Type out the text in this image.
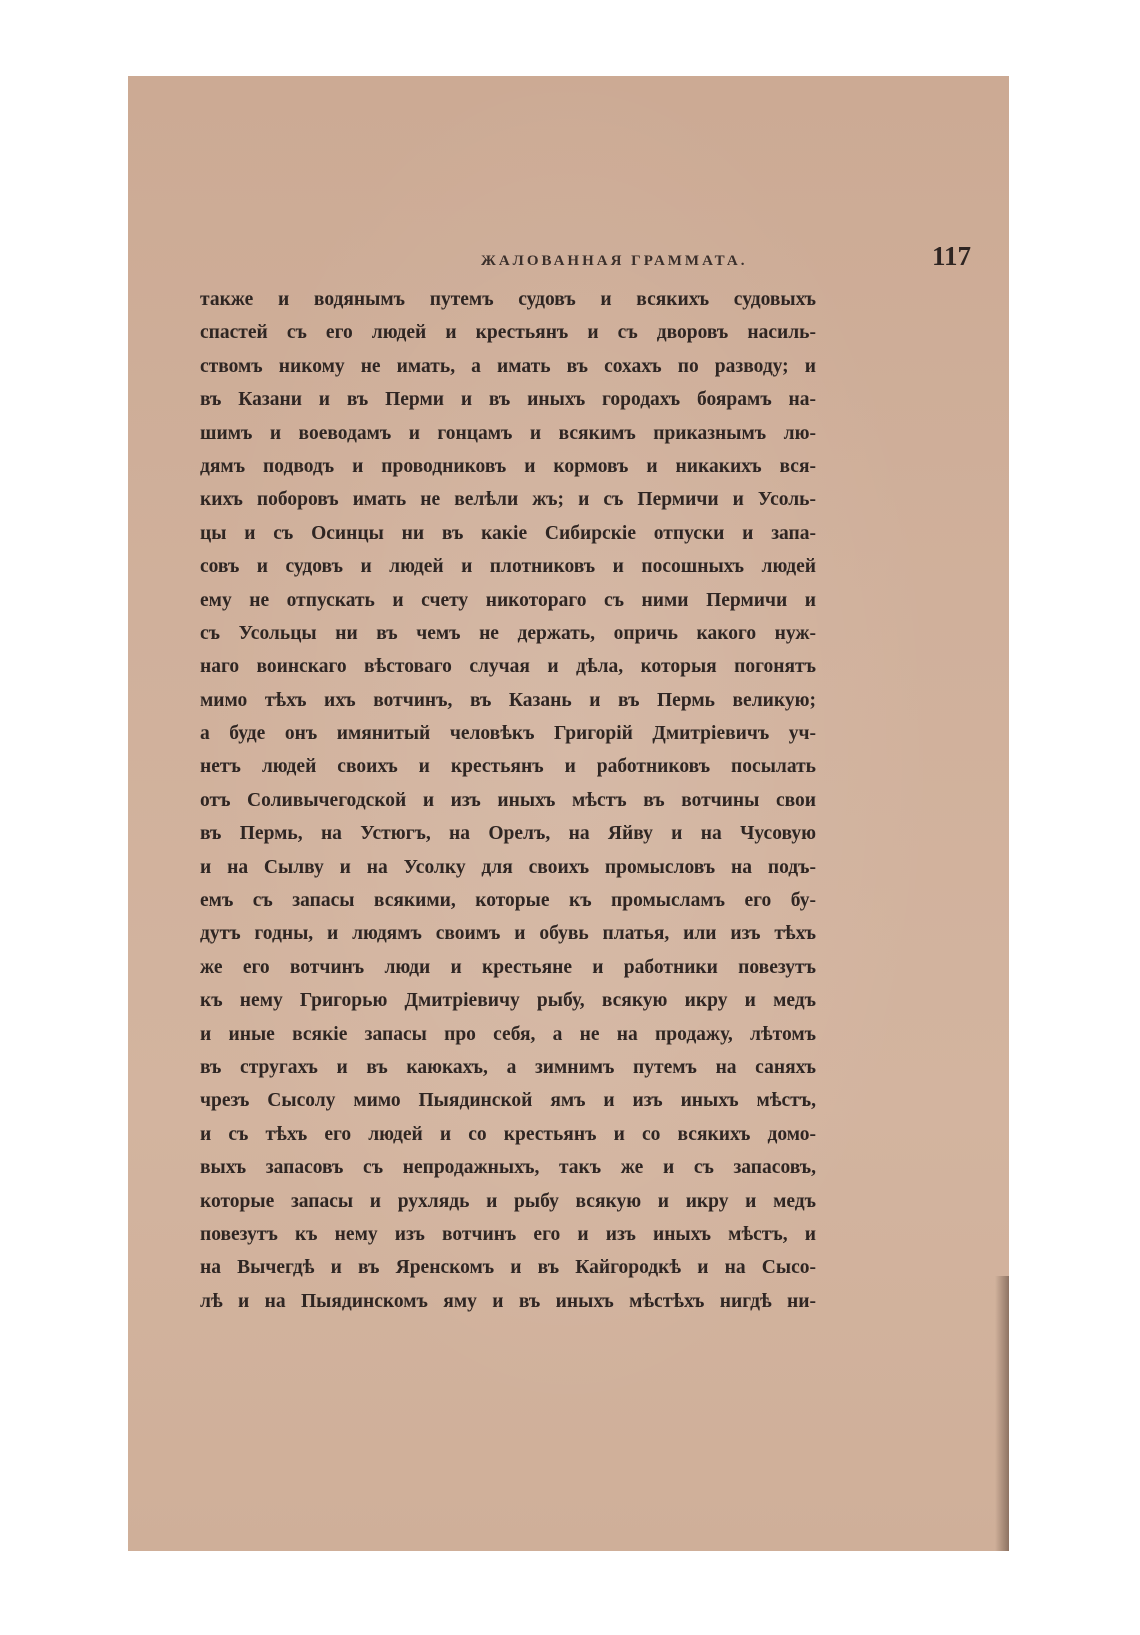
ЖАЛОВАННАЯ ГРАММАТА.	117
также и водянымъ путемъ судовъ и всякихъ судовыхъ
спастей съ его людей и крестьянъ и съ дворовъ насиль-
ствомъ никому не имать, а имать въ сохахъ по разводу; и
въ Казани и въ Перми и въ иныхъ городахъ боярамъ на-
шимъ и воеводамъ и гонцамъ и всякимъ приказнымъ лю-
дямъ подводъ и проводниковъ и кормовъ и никакихъ вся-
кихъ поборовъ имать не велѣли жъ; и съ Пермичи и Усоль-
цы и съ Осинцы ни въ какіе Сибирскіе отпуски и запа-
совъ и судовъ и людей и плотниковъ и посошныхъ людей
ему не отпускать и счету никотораго съ ними Пермичи и
съ Усольцы ни въ чемъ не держать, опричь какого нуж-
наго воинскаго вѣстоваго случая и дѣла, которыя погонятъ
мимо тѣхъ ихъ вотчинъ, въ Казань и въ Пермь великую;
а буде онъ имянитый человѣкъ Григорій Дмитріевичъ уч-
нетъ людей своихъ и крестьянъ и работниковъ посылать
отъ Соливычегодской и изъ иныхъ мѣстъ въ вотчины свои
въ Пермь, на Устюгъ, на Орелъ, на Яйву и на Чусовую
и на Сылву и на Усолку для своихъ промысловъ на подъ-
емъ съ запасы всякими, которые къ промысламъ его бу-
дутъ годны, и людямъ своимъ и обувь платья, или изъ тѣхъ
же его вотчинъ люди и крестьяне и работники повезутъ
къ нему Григорью Дмитріевичу рыбу, всякую икру и медъ
и иные всякіе запасы про себя, а не на продажу, лѣтомъ
въ стругахъ и въ каюкахъ, а зимнимъ путемъ на саняхъ
чрезъ Сысолу мимо Пыядинской ямъ и изъ иныхъ мѣстъ,
и съ тѣхъ его людей и со крестьянъ и со всякихъ домо-
выхъ запасовъ съ непродажныхъ, такъ же и съ запасовъ,
которые запасы и рухлядь и рыбу всякую и икру и медъ
повезутъ къ нему изъ вотчинъ его и изъ иныхъ мѣстъ, и
на Вычегдѣ и въ Яренскомъ и въ Кайгородкѣ и на Сысо-
лѣ и на Пыядинскомъ яму и въ иныхъ мѣстѣхъ нигдѣ ни-
